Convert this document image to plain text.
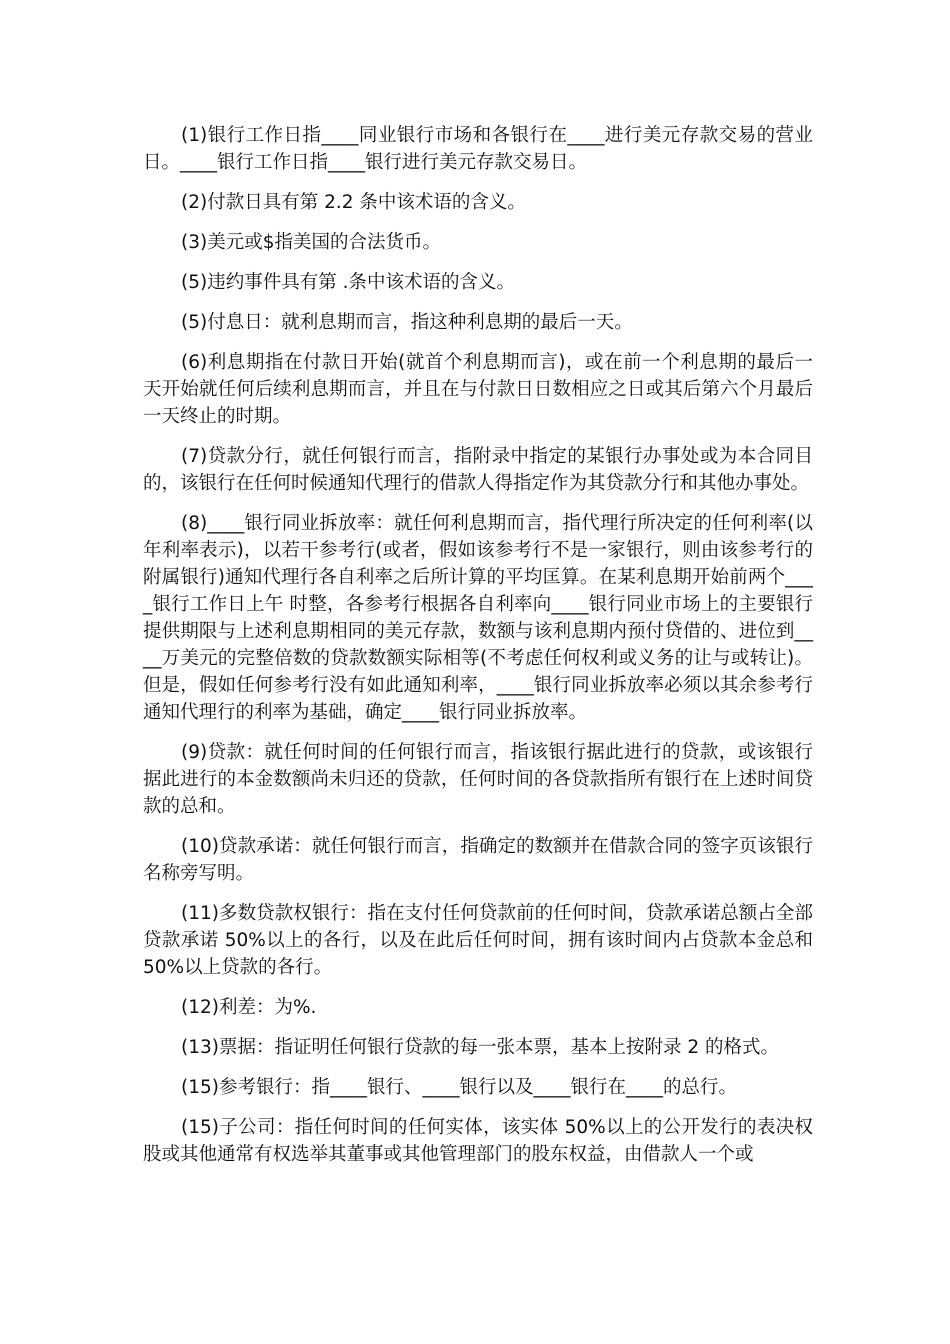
(1)银行工作日指____同业银行市场和各银行在____进行美元存款交易的营业日。____银行工作日指____银行进行美元存款交易日。

(2)付款日具有第 2.2 条中该术语的含义。

(3)美元或$指美国的合法货币。

(5)违约事件具有第 .条中该术语的含义。

(5)付息日：就利息期而言，指这种利息期的最后一天。

(6)利息期指在付款日开始(就首个利息期而言)，或在前一个利息期的最后一天开始就任何后续利息期而言，并且在与付款日日数相应之日或其后第六个月最后一天终止的时期。

(7)贷款分行，就任何银行而言，指附录中指定的某银行办事处或为本合同目的，该银行在任何时候通知代理行的借款人得指定作为其贷款分行和其他办事处。

(8)____银行同业拆放率：就任何利息期而言，指代理行所决定的任何利率(以年利率表示)，以若干参考行(或者，假如该参考行不是一家银行，则由该参考行的附属银行)通知代理行各自利率之后所计算的平均匡算。在某利息期开始前两个____银行工作日上午 时整，各参考行根据各自利率向____银行同业市场上的主要银行提供期限与上述利息期相同的美元存款，数额与该利息期内预付贷借的、进位到____万美元的完整倍数的贷款数额实际相等(不考虑任何权利或义务的让与或转让)。但是，假如任何参考行没有如此通知利率，____银行同业拆放率必须以其余参考行通知代理行的利率为基础，确定____银行同业拆放率。

(9)贷款：就任何时间的任何银行而言，指该银行据此进行的贷款，或该银行据此进行的本金数额尚未归还的贷款，任何时间的各贷款指所有银行在上述时间贷款的总和。

(10)贷款承诺：就任何银行而言，指确定的数额并在借款合同的签字页该银行名称旁写明。

(11)多数贷款权银行：指在支付任何贷款前的任何时间，贷款承诺总额占全部贷款承诺 50%以上的各行，以及在此后任何时间，拥有该时间内占贷款本金总和 50%以上贷款的各行。

(12)利差：为%.

(13)票据：指证明任何银行贷款的每一张本票，基本上按附录 2 的格式。

(15)参考银行：指____银行、____银行以及____银行在____的总行。

(15)子公司：指任何时间的任何实体，该实体 50%以上的公开发行的表决权股或其他通常有权选举其董事或其他管理部门的股东权益，由借款人一个或
